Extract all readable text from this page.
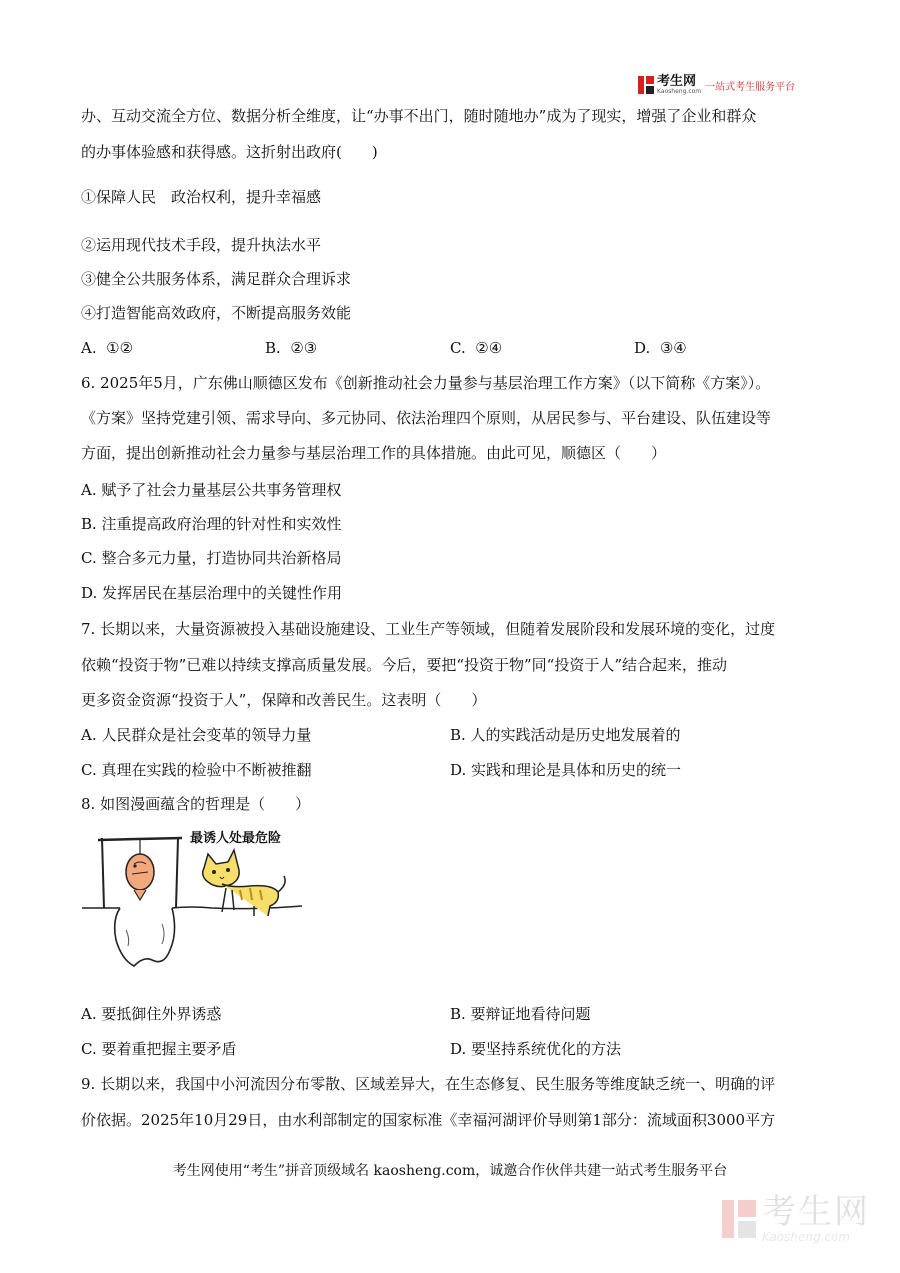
考生网
Kaosheng.com 一站式考生服务平台
办、互动交流全方位、数据分析全维度，让“办事不出门，随时随地办”成为了现实，增强了企业和群众
的办事体验感和获得感。这折射出政府(　　)
①保障人民　政治权利，提升幸福感
②运用现代技术手段，提升执法水平
③健全公共服务体系，满足群众合理诉求
④打造智能高效政府，不断提高服务效能
A. ①②	B. ②③	C. ②④	D. ③④
6. 2025年5月，广东佛山顺德区发布《创新推动社会力量参与基层治理工作方案》（以下简称《方案》）。
《方案》坚持党建引领、需求导向、多元协同、依法治理四个原则，从居民参与、平台建设、队伍建设等
方面，提出创新推动社会力量参与基层治理工作的具体措施。由此可见，顺德区（　　）
A. 赋予了社会力量基层公共事务管理权
B. 注重提高政府治理的针对性和实效性
C. 整合多元力量，打造协同共治新格局
D. 发挥居民在基层治理中的关键性作用
7. 长期以来，大量资源被投入基础设施建设、工业生产等领域，但随着发展阶段和发展环境的变化，过度
依赖“投资于物”已难以持续支撑高质量发展。今后，要把“投资于物”同“投资于人”结合起来，推动
更多资金资源“投资于人”，保障和改善民生。这表明（　　）
A. 人民群众是社会变革的领导力量	B. 人的实践活动是历史地发展着的
C. 真理在实践的检验中不断被推翻	D. 实践和理论是具体和历史的统一
8. 如图漫画蕴含的哲理是（　　）
最诱人处最危险
A. 要抵御住外界诱惑	B. 要辩证地看待问题
C. 要着重把握主要矛盾	D. 要坚持系统优化的方法
9. 长期以来，我国中小河流因分布零散、区域差异大，在生态修复、民生服务等维度缺乏统一、明确的评
价依据。2025年10月29日，由水利部制定的国家标准《幸福河湖评价导则第1部分：流域面积3000平方
考生网使用“考生”拼音顶级域名 kaosheng.com，诚邀合作伙伴共建一站式考生服务平台
考生网
Kaosheng.com
